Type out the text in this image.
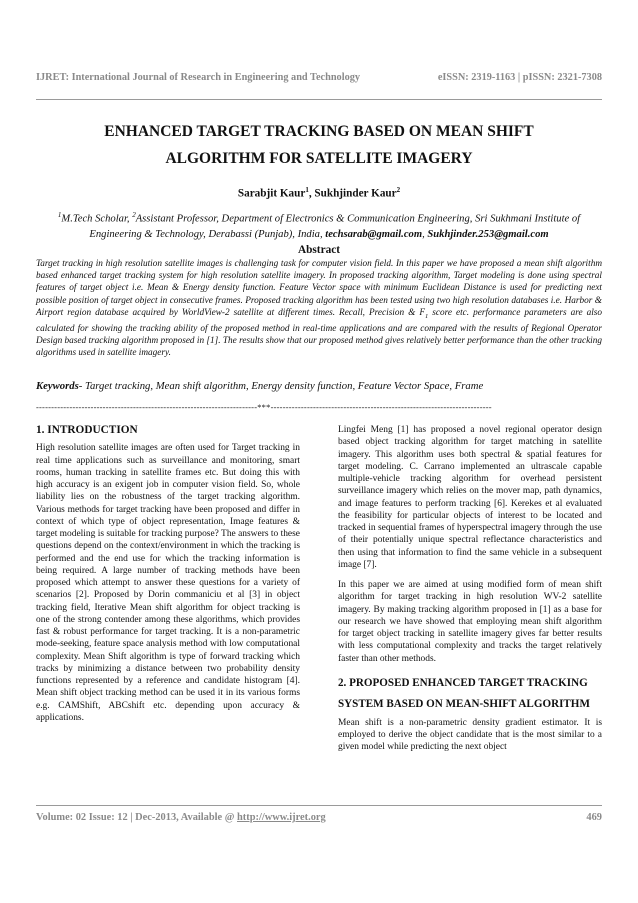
IJRET: International Journal of Research in Engineering and Technology	eISSN: 2319-1163 | pISSN: 2321-7308
ENHANCED TARGET TRACKING BASED ON MEAN SHIFT
ALGORITHM FOR SATELLITE IMAGERY
Sarabjit Kaur$^1$, Sukhjinder Kaur$^2$
$^1$M.Tech Scholar, $^2$Assistant Professor, Department of Electronics & Communication Engineering, Sri Sukhmani Institute of Engineering & Technology, Derabassi (Punjab), India, techsarab@gmail.com, Sukhjinder.253@gmail.com
Abstract
Target tracking in high resolution satellite images is challenging task for computer vision field. In this paper we have proposed a mean shift algorithm based enhanced target tracking system for high resolution satellite imagery. In proposed tracking algorithm, Target modeling is done using spectral features of target object i.e. Mean & Energy density function. Feature Vector space with minimum Euclidean Distance is used for predicting next possible position of target object in consecutive frames. Proposed tracking algorithm has been tested using two high resolution databases i.e. Harbor & Airport region database acquired by WorldView-2 satellite at different times. Recall, Precision & $F_1$ score etc. performance parameters are also calculated for showing the tracking ability of the proposed method in real-time applications and are compared with the results of Regional Operator Design based tracking algorithm proposed in [1]. The results show that our proposed method gives relatively better performance than the other tracking algorithms used in satellite imagery.
Keywords- Target tracking, Mean shift algorithm, Energy density function, Feature Vector Space, Frame
-------------------------------------------------------------------------***-------------------------------------------------------------------------
1. INTRODUCTION

High resolution satellite images are often used for Target tracking in real time applications such as surveillance and monitoring, smart rooms, human tracking in satellite frames etc. But doing this with high accuracy is an exigent job in computer vision field. So, whole liability lies on the robustness of the target tracking algorithm. Various methods for target tracking have been proposed and differ in context of which type of object representation, Image features & target modeling is suitable for tracking purpose? The answers to these questions depend on the context/environment in which the tracking is performed and the end use for which the tracking information is being required. A large number of tracking methods have been proposed which attempt to answer these questions for a variety of scenarios [2]. Proposed by Dorin commaniciu et al [3] in object tracking field, Iterative Mean shift algorithm for object tracking is one of the strong contender among these algorithms, which provides fast & robust performance for target tracking. It is a non-parametric mode-seeking, feature space analysis method with low computational complexity. Mean Shift algorithm is type of forward tracking which tracks by minimizing a distance between two probability density functions represented by a reference and candidate histogram [4]. Mean shift object tracking method can be used it in its various forms e.g. CAMShift, ABCshift etc. depending upon accuracy & applications.

Lingfei Meng [1] has proposed a novel regional operator design based object tracking algorithm for target matching in satellite imagery. This algorithm uses both spectral & spatial features for target modeling. C. Carrano implemented an ultrascale capable multiple-vehicle tracking algorithm for overhead persistent surveillance imagery which relies on the mover map, path dynamics, and image features to perform tracking [6]. Kerekes et al evaluated the feasibility for particular objects of interest to be located and tracked in sequential frames of hyperspectral imagery through the use of their potentially unique spectral reflectance characteristics and then using that information to find the same vehicle in a subsequent image [7].

In this paper we are aimed at using modified form of mean shift algorithm for target tracking in high resolution WV-2 satellite imagery. By making tracking algorithm proposed in [1] as a base for our research we have showed that employing mean shift algorithm for target object tracking in satellite imagery gives far better results with less computational complexity and tracks the target relatively faster than other methods.

2. PROPOSED ENHANCED TARGET TRACKING SYSTEM BASED ON MEAN-SHIFT ALGORITHM

Mean shift is a non-parametric density gradient estimator. It is employed to derive the object candidate that is the most similar to a given model while predicting the next object

Volume: 02 Issue: 12 | Dec-2013, Available @ http://www.ijret.org	469
